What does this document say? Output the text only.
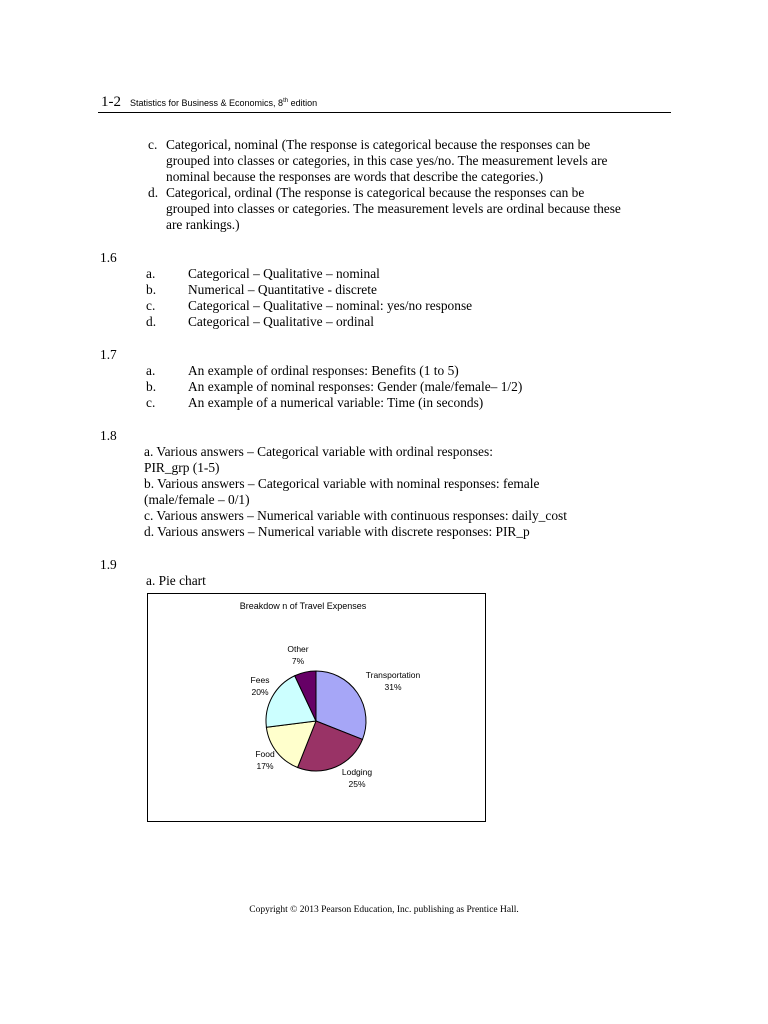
1-2 Statistics for Business & Economics, 8th edition
c. Categorical, nominal (The response is categorical because the responses can be
grouped into classes or categories, in this case yes/no. The measurement levels are
nominal because the responses are words that describe the categories.)
d. Categorical, ordinal (The response is categorical because the responses can be
grouped into classes or categories. The measurement levels are ordinal because these
are rankings.)
1.6
a. Categorical – Qualitative – nominal
b. Numerical – Quantitative - discrete
c. Categorical – Qualitative – nominal: yes/no response
d. Categorical – Qualitative – ordinal
1.7
a. An example of ordinal responses: Benefits (1 to 5)
b. An example of nominal responses: Gender (male/female– 1/2)
c. An example of a numerical variable: Time (in seconds)
1.8
a. Various answers – Categorical variable with ordinal responses:
PIR_grp (1-5)
b. Various answers – Categorical variable with nominal responses: female
(male/female – 0/1)
c. Various answers – Numerical variable with continuous responses: daily_cost
d. Various answers – Numerical variable with discrete responses: PIR_p
1.9
a. Pie chart
Breakdow n of Travel Expenses
Transportation
31%
Lodging
25%
Food
17%
Fees
20%
Other
7%
Copyright © 2013 Pearson Education, Inc. publishing as Prentice Hall.
